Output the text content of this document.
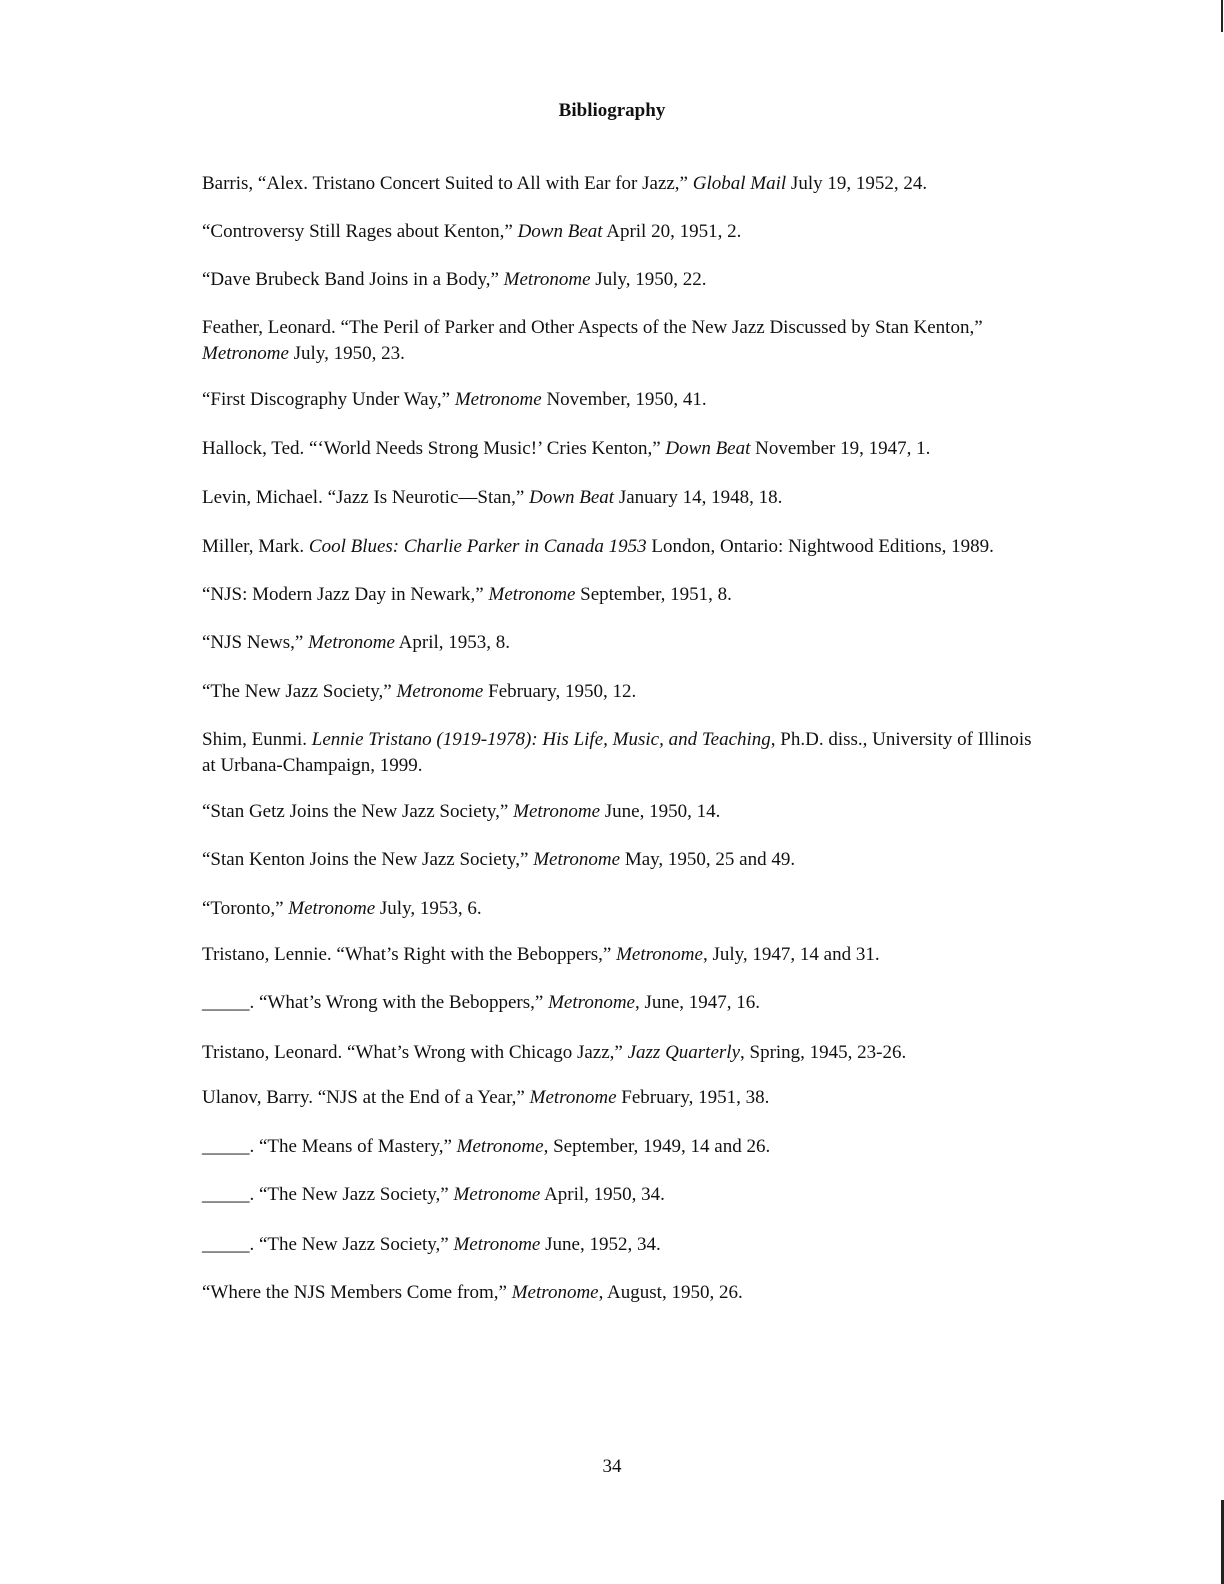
Bibliography
Barris, “Alex. Tristano Concert Suited to All with Ear for Jazz,” Global Mail July 19, 1952, 24.
“Controversy Still Rages about Kenton,” Down Beat April 20, 1951, 2.
“Dave Brubeck Band Joins in a Body,” Metronome July, 1950, 22.
Feather, Leonard. “The Peril of Parker and Other Aspects of the New Jazz Discussed by Stan Kenton,” Metronome July, 1950, 23.
“First Discography Under Way,” Metronome November, 1950, 41.
Hallock, Ted. “‘World Needs Strong Music!’ Cries Kenton,” Down Beat November 19, 1947, 1.
Levin, Michael. “Jazz Is Neurotic—Stan,” Down Beat January 14, 1948, 18.
Miller, Mark. Cool Blues: Charlie Parker in Canada 1953 London, Ontario: Nightwood Editions, 1989.
“NJS: Modern Jazz Day in Newark,” Metronome September, 1951, 8.
“NJS News,” Metronome April, 1953, 8.
“The New Jazz Society,” Metronome February, 1950, 12.
Shim, Eunmi. Lennie Tristano (1919-1978): His Life, Music, and Teaching, Ph.D. diss., University of Illinois at Urbana-Champaign, 1999.
“Stan Getz Joins the New Jazz Society,” Metronome June, 1950, 14.
“Stan Kenton Joins the New Jazz Society,” Metronome May, 1950, 25 and 49.
“Toronto,” Metronome July, 1953, 6.
Tristano, Lennie. “What’s Right with the Beboppers,” Metronome, July, 1947, 14 and 31.
_____. “What’s Wrong with the Beboppers,” Metronome, June, 1947, 16.
Tristano, Leonard. “What’s Wrong with Chicago Jazz,” Jazz Quarterly, Spring, 1945, 23-26.
Ulanov, Barry. “NJS at the End of a Year,” Metronome February, 1951, 38.
_____. “The Means of Mastery,” Metronome, September, 1949, 14 and 26.
_____. “The New Jazz Society,” Metronome April, 1950, 34.
_____. “The New Jazz Society,” Metronome June, 1952, 34.
“Where the NJS Members Come from,” Metronome, August, 1950, 26.
34
